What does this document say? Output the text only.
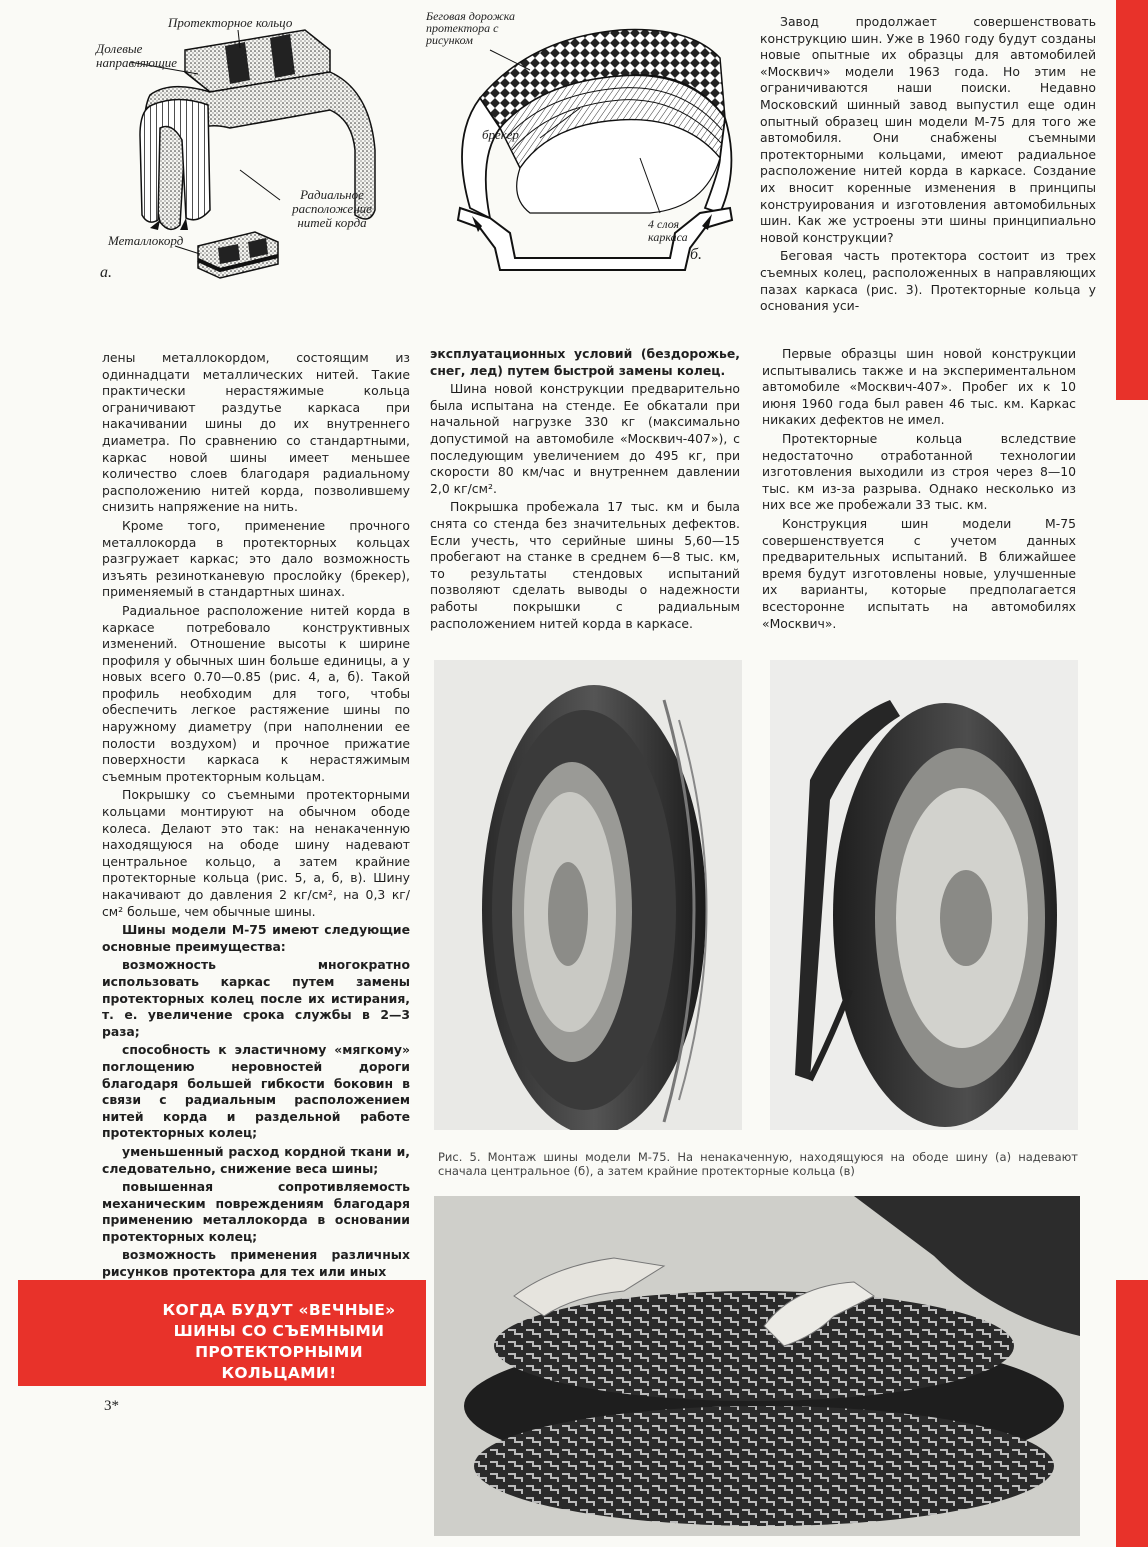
Протекторное кольцо
Долевые направляющие
Радиальное расположение нитей корда
Металлокорд
а.
Беговая дорожка протектора с рисунком
брекер
4 слоя каркаса
б.

Завод продолжает совершенствовать конструкцию шин. Уже в 1960 году будут созданы новые опытные их образцы для автомобилей «Москвич» модели 1963 года. Но этим не ограничиваются наши поиски. Недавно Московский шинный завод выпустил еще один опытный образец шин модели М-75 для того же автомобиля. Они снабжены съемными протекторными кольцами, имеют радиальное расположение нитей корда в каркасе. Создание их вносит коренные изменения в принципы конструирования и изготовления автомобильных шин. Как же устроены эти шины принципиально новой конструкции?

Беговая часть протектора состоит из трех съемных колец, расположенных в направляющих пазах каркаса (рис. 3). Протекторные кольца у основания уси-

лены металлокордом, состоящим из одиннадцати металлических нитей. Такие практически нерастяжимые кольца ограничивают раздутье каркаса при накачивании шины до их внутреннего диаметра. По сравнению со стандартными, каркас новой шины имеет меньшее количество слоев благодаря радиальному расположению нитей корда, позволившему снизить напряжение на нить.

Кроме того, применение прочного металлокорда в протекторных кольцах разгружает каркас; это дало возможность изъять резинотканевую прослойку (брекер), применяемый в стандартных шинах.

Радиальное расположение нитей корда в каркасе потребовало конструктивных изменений. Отношение высоты к ширине профиля у обычных шин больше единицы, а у новых всего 0.70—0.85 (рис. 4, а, б). Такой профиль необходим для того, чтобы обеспечить легкое растяжение шины по наружному диаметру (при наполнении ее полости воздухом) и прочное прижатие поверхности каркаса к нерастяжимым съемным протекторным кольцам.

Покрышку со съемными протекторными кольцами монтируют на обычном ободе колеса. Делают это так: на ненакаченную находящуюся на ободе шину надевают центральное кольцо, а затем крайние протекторные кольца (рис. 5, а, б, в). Шину накачивают до давления 2 кг/см², на 0,3 кг/см² больше, чем обычные шины.

Шины модели М-75 имеют следующие основные преимущества:

возможность многократно использовать каркас путем замены протекторных колец после их истирания, т. е. увеличение срока службы в 2—3 раза;

способность к эластичному «мягкому» поглощению неровностей дороги благодаря большей гибкости боковин в связи с радиальным расположением нитей корда и раздельной работе протекторных колец;

уменьшенный расход кордной ткани и, следовательно, снижение веса шины;

повышенная сопротивляемость механическим повреждениям благодаря применению металлокорда в основании протекторных колец;

возможность применения различных рисунков протектора для тех или иных

эксплуатационных условий (бездорожье, снег, лед) путем быстрой замены колец.

Шина новой конструкции предварительно была испытана на стенде. Ее обкатали при начальной нагрузке 330 кг (максимально допустимой на автомобиле «Москвич-407»), с последующим увеличением до 495 кг, при скорости 80 км/час и внутреннем давлении 2,0 кг/см².

Покрышка пробежала 17 тыс. км и была снята со стенда без значительных дефектов. Если учесть, что серийные шины 5,60—15 пробегают на станке в среднем 6—8 тыс. км, то результаты стендовых испытаний позволяют сделать выводы о надежности работы покрышки с радиальным расположением нитей корда в каркасе.

Первые образцы шин новой конструкции испытывались также и на экспериментальном автомобиле «Москвич-407». Пробег их к 10 июня 1960 года был равен 46 тыс. км. Каркас никаких дефектов не имел.

Протекторные кольца вследствие недостаточно отработанной технологии изготовления выходили из строя через 8—10 тыс. км из-за разрыва. Однако несколько из них все же пробежали 33 тыс. км.

Конструкция шин модели М-75 совершенствуется с учетом данных предварительных испытаний. В ближайшее время будут изготовлены новые, улучшенные их варианты, которые предполагается всесторонне испытать на автомобилях «Москвич».

Рис. 5. Монтаж шины модели М-75. На ненакаченную, находящуюся на ободе шину (а) надевают сначала центральное (б), а затем крайние протекторные кольца (в)
КОГДА БУДУТ «ВЕЧНЫЕ» ШИНЫ СО СЪЕМНЫМИ ПРОТЕКТОРНЫМИ КОЛЬЦАМИ!
3*
